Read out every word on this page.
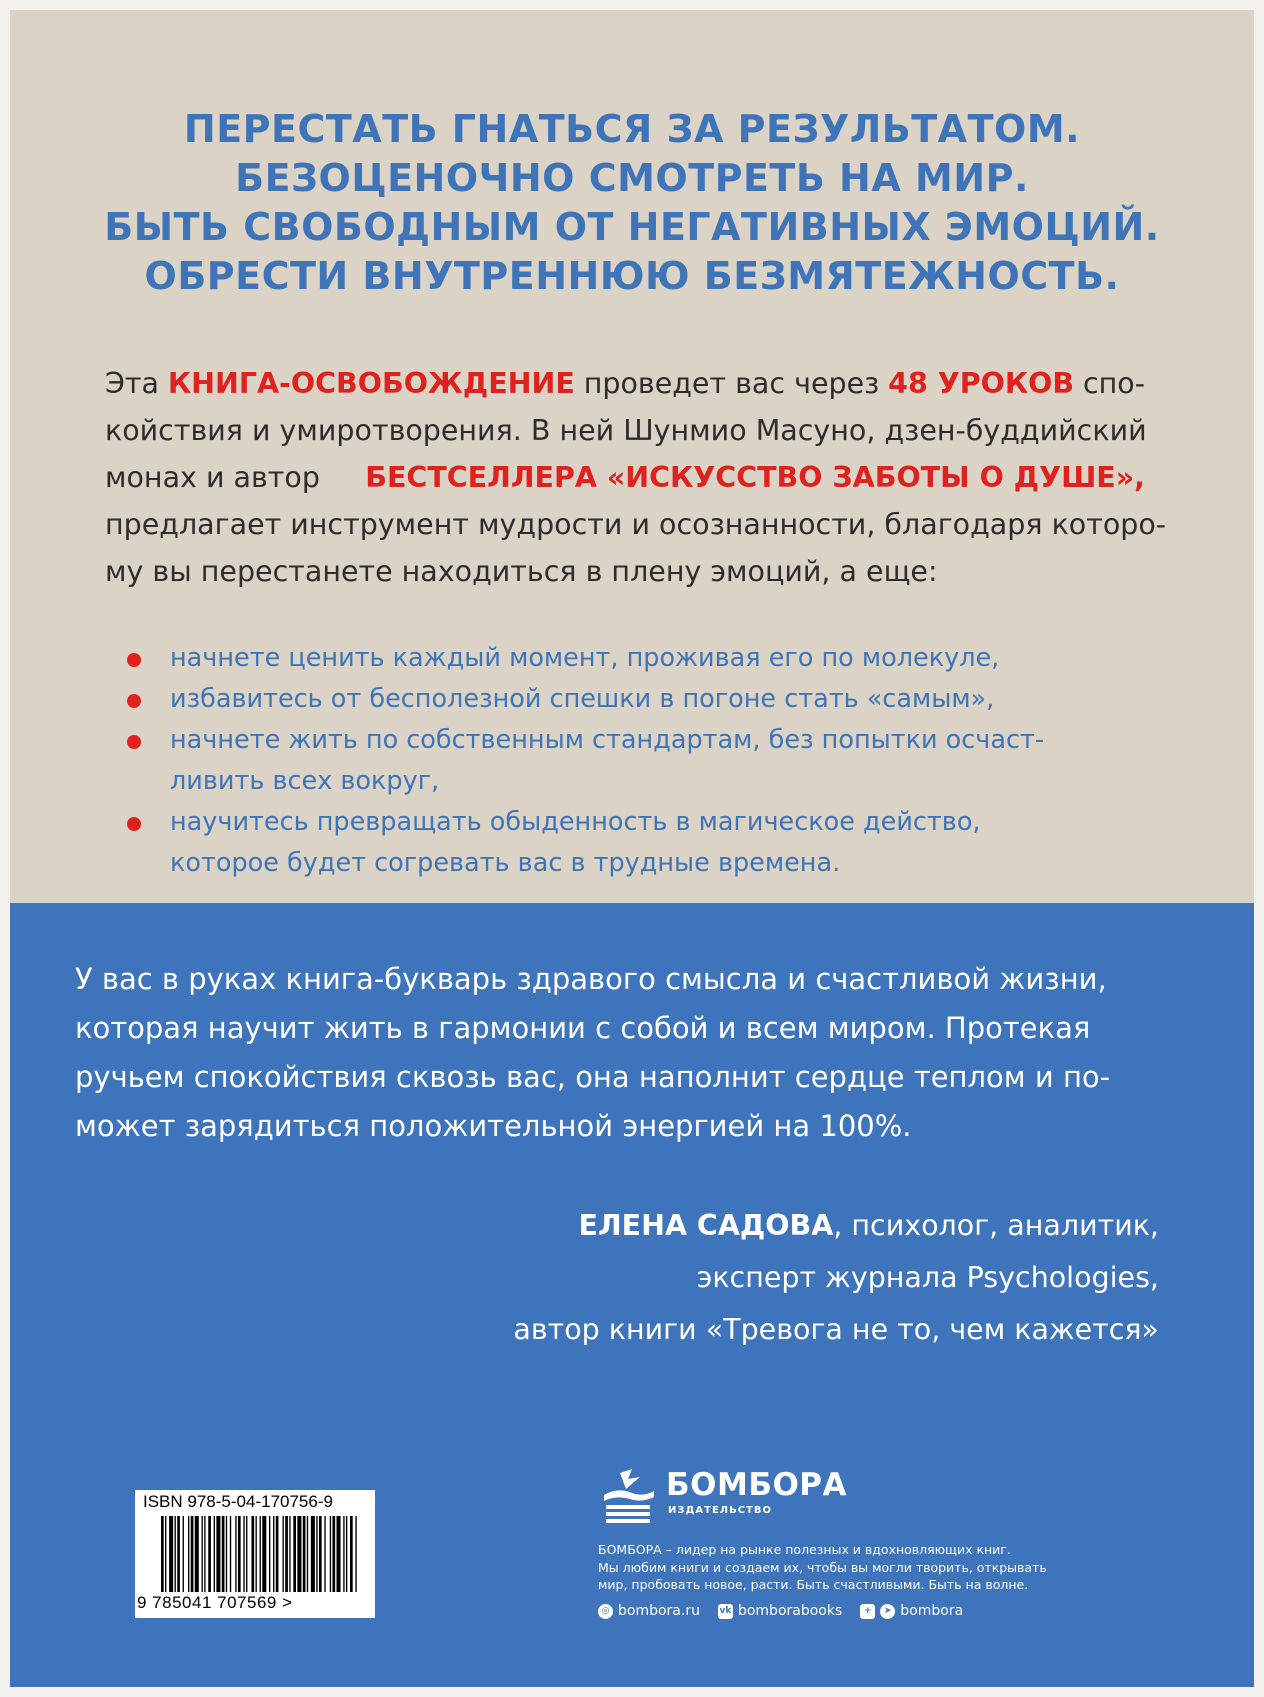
ПЕРЕСТАТЬ ГНАТЬСЯ ЗА РЕЗУЛЬТАТОМ.
БЕЗОЦЕНОЧНО СМОТРЕТЬ НА МИР.
БЫТЬ СВОБОДНЫМ ОТ НЕГАТИВНЫХ ЭМОЦИЙ.
ОБРЕСТИ ВНУТРЕННЮЮ БЕЗМЯТЕЖНОСТЬ.
Эта КНИГА-ОСВОБОЖДЕНИЕ проведет вас через 48 УРОКОВ спо-
койствия и умиротворения. В ней Шунмио Масуно, дзен-буддийский
монах и автор БЕСТСЕЛЛЕРА «ИСКУССТВО ЗАБОТЫ О ДУШЕ»,
предлагает инструмент мудрости и осознанности, благодаря которо-
му вы перестанете находиться в плену эмоций, а еще:
начнете ценить каждый момент, проживая его по молекуле,
избавитесь от бесполезной спешки в погоне стать «самым»,
начнете жить по собственным стандартам, без попытки осчаст-
ливить всех вокруг,
научитесь превращать обыденность в магическое действо,
которое будет согревать вас в трудные времена.
У вас в руках книга-букварь здравого смысла и счастливой жизни,
которая научит жить в гармонии с собой и всем миром. Протекая
ручьем спокойствия сквозь вас, она наполнит сердце теплом и по-
может зарядиться положительной энергией на 100%.
ЕЛЕНА САДОВА, психолог, аналитик,
эксперт журнала Psychologies,
автор книги «Тревога не то, чем кажется»
ISBN 978-5-04-170756-9
9 785041 707569 >
БОМБОРА
ИЗДАТЕЛЬСТВО
БОМБОРА – лидер на рынке полезных и вдохновляющих книг.
Мы любим книги и создаем их, чтобы вы могли творить, открывать
мир, пробовать новое, расти. Быть счастливыми. Быть на волне.
◎ bombora.ru vk bomborabooks	+	➤ bombora
